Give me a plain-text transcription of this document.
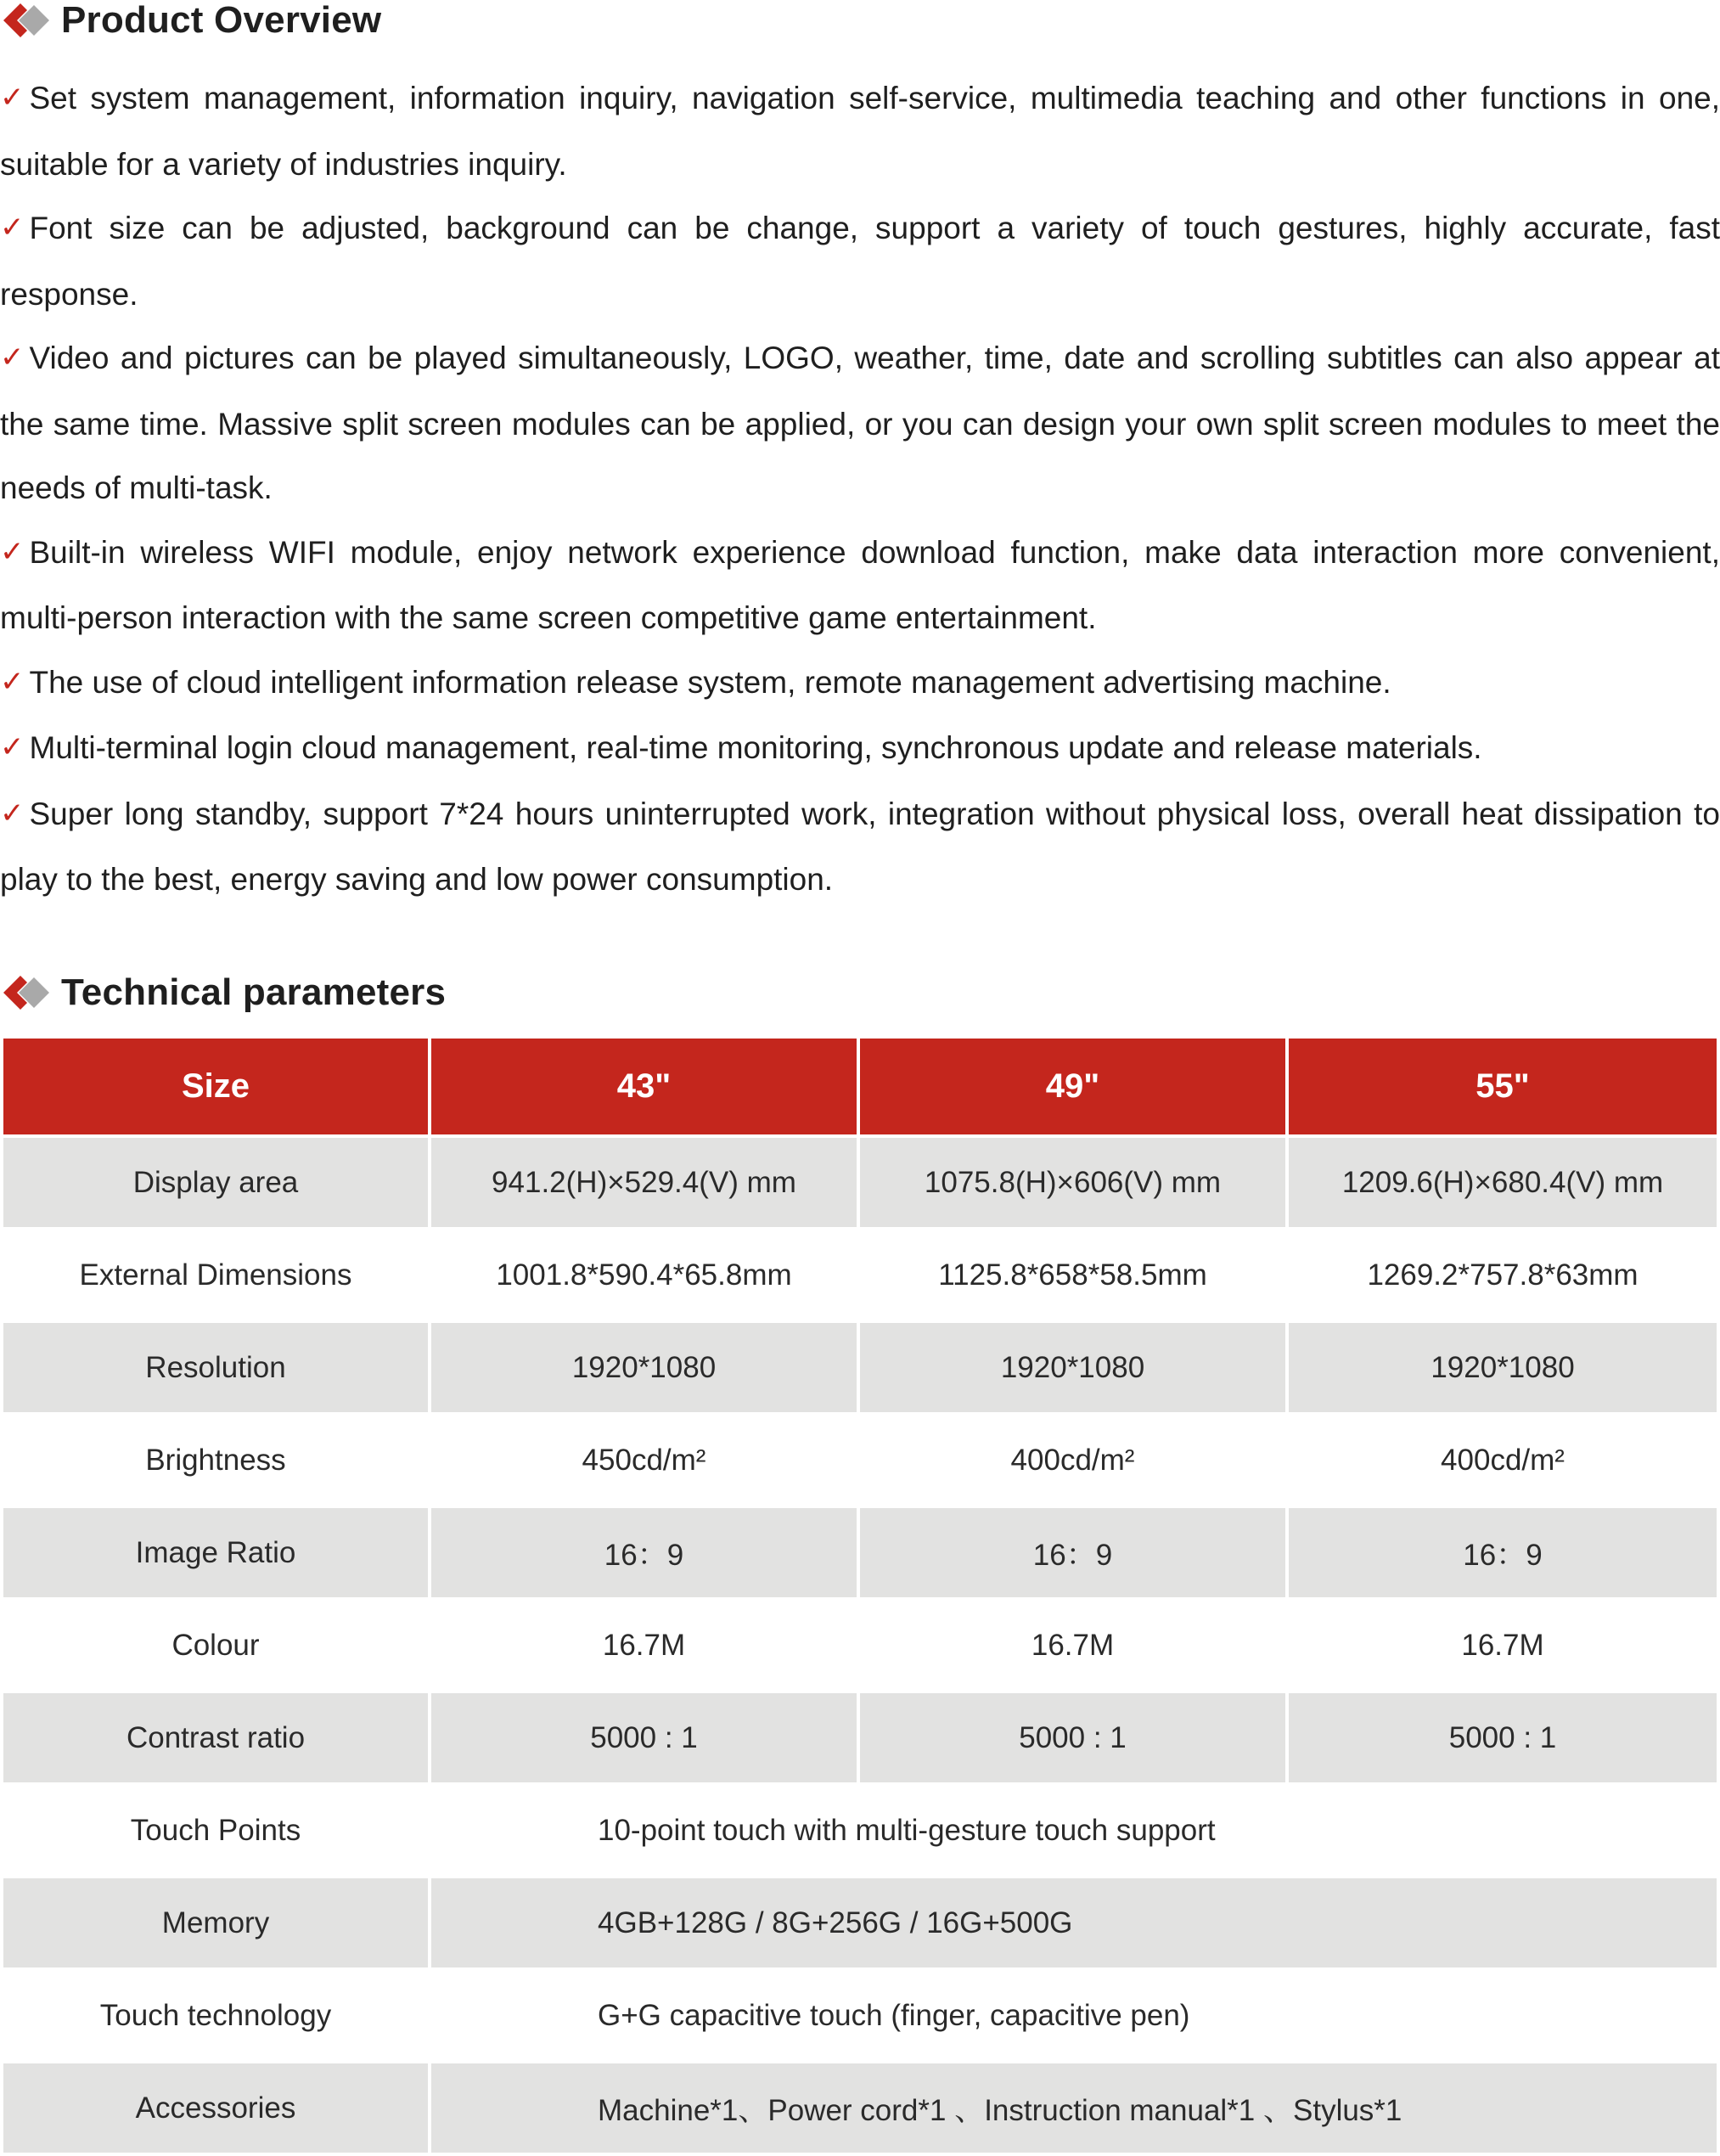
Product Overview
✓ Set system management, information inquiry, navigation self-service, multimedia teaching and other functions in one, suitable for a variety of industries inquiry.
✓ Font size can be adjusted, background can be change, support a variety of touch gestures, highly accurate, fast response.
✓ Video and pictures can be played simultaneously, LOGO, weather, time, date and scrolling subtitles can also appear at the same time. Massive split screen modules can be applied, or you can design your own split screen modules to meet the needs of multi-task.
✓ Built-in wireless WIFI module, enjoy network experience download function, make data interaction more convenient, multi-person interaction with the same screen competitive game entertainment.
✓ The use of cloud intelligent information release system, remote management advertising machine.
✓ Multi-terminal login cloud management, real-time monitoring, synchronous update and release materials.
✓ Super long standby, support 7*24 hours uninterrupted work, integration without physical loss, overall heat dissipation to play to the best, energy saving and low power consumption.
Technical parameters
Size	43"	49"	55"
Display area	941.2(H)×529.4(V) mm	1075.8(H)×606(V) mm	1209.6(H)×680.4(V) mm
External Dimensions	1001.8*590.4*65.8mm	1125.8*658*58.5mm	1269.2*757.8*63mm
Resolution	1920*1080	1920*1080	1920*1080
Brightness	450cd/m²	400cd/m²	400cd/m²
Image Ratio	16：9	16：9	16：9
Colour	16.7M	16.7M	16.7M
Contrast ratio	5000 : 1	5000 : 1	5000 : 1
Touch Points	10-point touch with multi-gesture touch support		
Memory	4GB+128G / 8G+256G / 16G+500G		
Touch technology	G+G capacitive touch (finger, capacitive pen)		
Accessories	Machine*1、Power cord*1 、Instruction manual*1 、Stylus*1		
